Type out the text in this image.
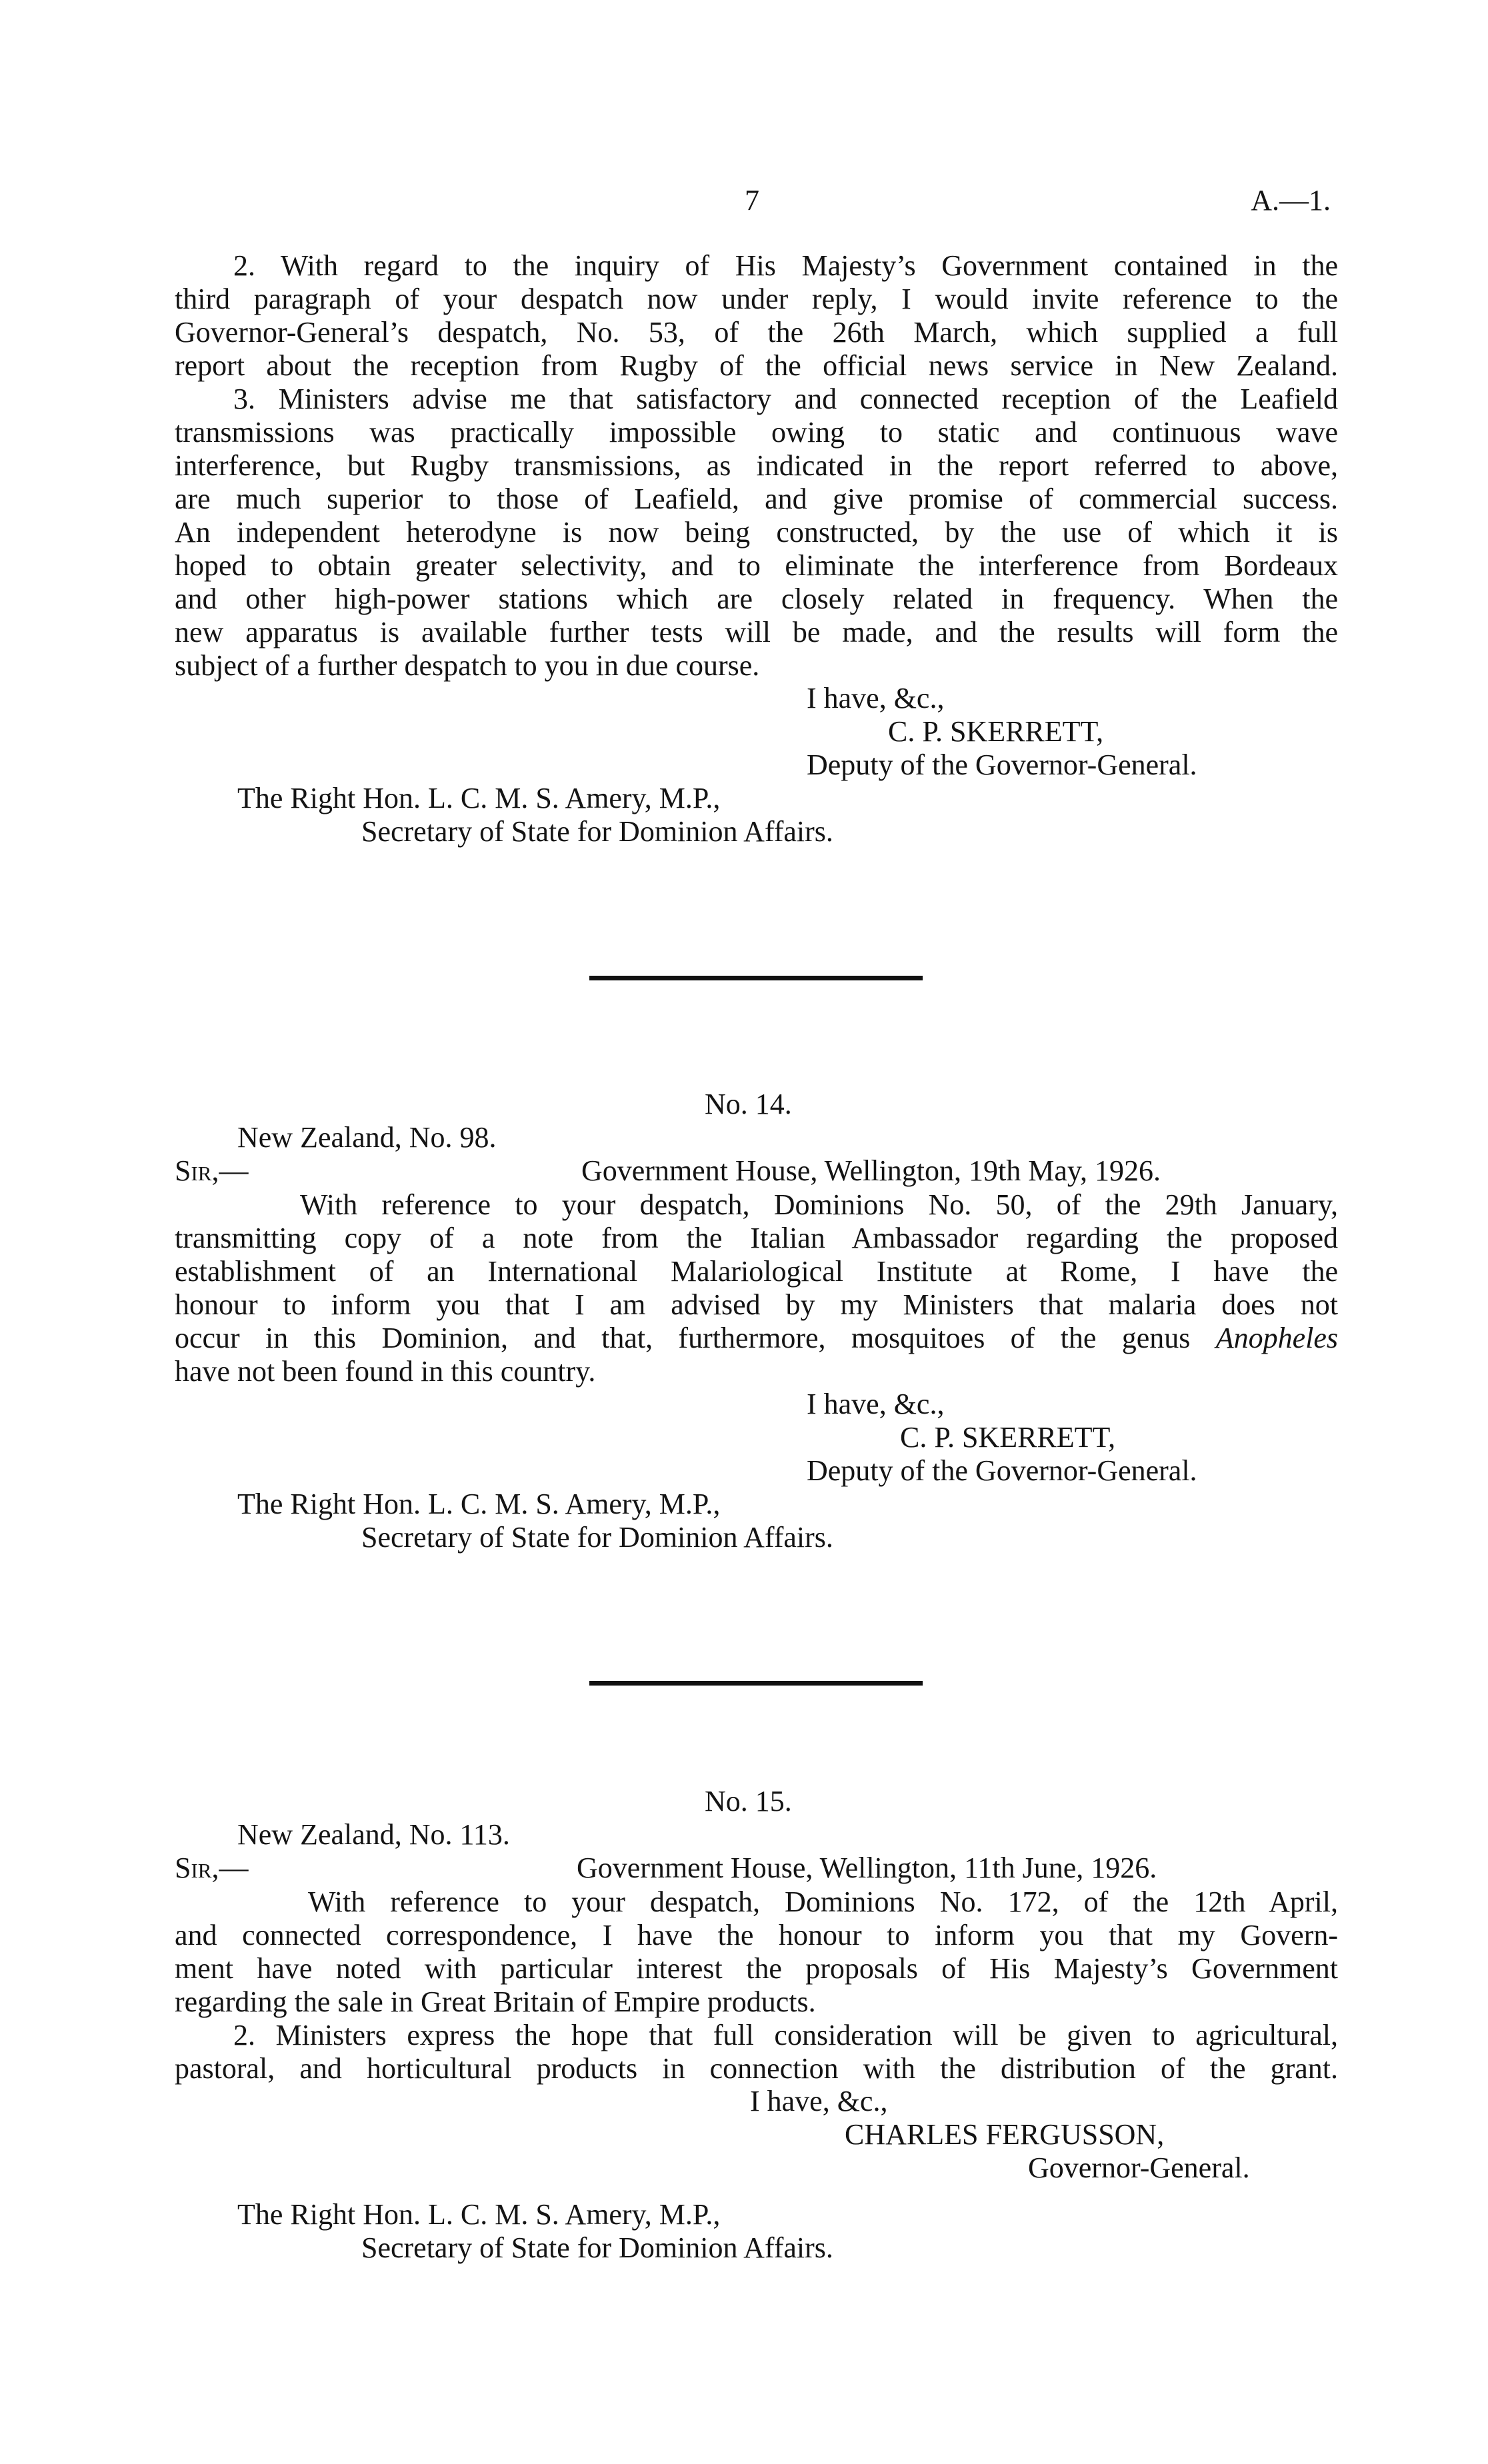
7	A.—1.
2. With regard to the inquiry of His Majesty’s Government contained in the
third paragraph of your despatch now under reply, I would invite reference to the
Governor-General’s despatch, No. 53, of the 26th March, which supplied a full
report about the reception from Rugby of the official news service in New Zealand.
3. Ministers advise me that satisfactory and connected reception of the Leafield
transmissions was practically impossible owing to static and continuous wave
interference, but Rugby transmissions, as indicated in the report referred to above,
are much superior to those of Leafield, and give promise of commercial success.
An independent heterodyne is now being constructed, by the use of which it is
hoped to obtain greater selectivity, and to eliminate the interference from Bordeaux
and other high-power stations which are closely related in frequency. When the
new apparatus is available further tests will be made, and the results will form the
subject of a further despatch to you in due course.
I have, &c.,
C. P. SKERRETT,
Deputy of the Governor-General.
The Right Hon. L. C. M. S. Amery, M.P.,
Secretary of State for Dominion Affairs.
No. 14.
New Zealand, No. 98.
Sir,—	Government House, Wellington, 19th May, 1926.
With reference to your despatch, Dominions No. 50, of the 29th January,
transmitting copy of a note from the Italian Ambassador regarding the proposed
establishment of an International Malariological Institute at Rome, I have the
honour to inform you that I am advised by my Ministers that malaria does not
occur in this Dominion, and that, furthermore, mosquitoes of the genus Anopheles
have not been found in this country.
I have, &c.,
C. P. SKERRETT,
Deputy of the Governor-General.
The Right Hon. L. C. M. S. Amery, M.P.,
Secretary of State for Dominion Affairs.
No. 15.
New Zealand, No. 113.
Sir,—	Government House, Wellington, 11th June, 1926.
With reference to your despatch, Dominions No. 172, of the 12th April,
and connected correspondence, I have the honour to inform you that my Govern-
ment have noted with particular interest the proposals of His Majesty’s Government
regarding the sale in Great Britain of Empire products.
2. Ministers express the hope that full consideration will be given to agricultural,
pastoral, and horticultural products in connection with the distribution of the grant.
I have, &c.,
CHARLES FERGUSSON,
Governor-General.
The Right Hon. L. C. M. S. Amery, M.P.,
Secretary of State for Dominion Affairs.
